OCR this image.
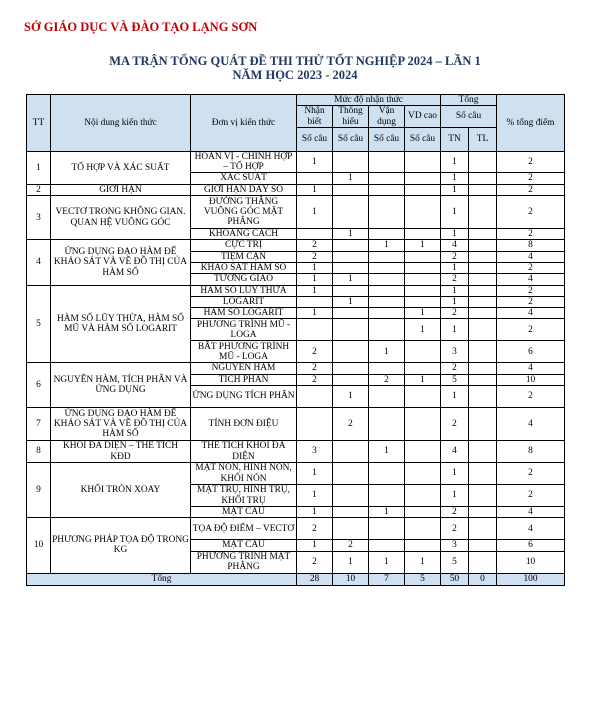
SỞ GIÁO DỤC VÀ ĐÀO TẠO LẠNG SƠN
MA TRẬN TỔNG QUÁT ĐỀ THI THỬ TỐT NGHIỆP 2024 – LẦN 1
NĂM HỌC 2023 - 2024
TT	Nội dung kiến thức	Đơn vị kiến thức	Mức độ nhận thức				Tổng		% tổng điểm
			Nhận biết	Thông hiểu	Vận dụng	VD cao	Số câu		
			Số câu	Số câu	Số câu	Số câu	TN	TL	
1	TỔ HỢP VÀ XÁC SUẤT	HOÁN VỊ - CHỈNH HỢP – TỔ HỢP	1				1		2
		XÁC SUẤT		1			1		2
2	GIỚI HẠN	GIỚI HẠN DÃY SỐ	1				1		2
3	VECTƠ TRONG KHÔNG GIAN. QUAN HỆ VUÔNG GÓC	ĐƯỜNG THẲNG VUÔNG GÓC MẶT PHẲNG	1				1		2
		KHOẢNG CÁCH		1			1		2
4	ỨNG DỤNG ĐẠO HÀM ĐỂ KHẢO SÁT VÀ VẼ ĐỒ THỊ CỦA HÀM SỐ	CỰC TRỊ	2		1	1	4		8
		TIỆM CẬN	2				2		4
		KHẢO SÁT HÀM SỐ	1				1		2
		TƯƠNG GIAO	1	1			2		4
5	HÀM SỐ LŨY THỪA, HÀM SỐ MŨ VÀ HÀM SỐ LOGARIT	HÀM SỐ LŨY THỪA	1				1		2
		LOGARIT		1			1		2
		HÀM SỐ LOGARIT	1			1	2		4
		PHƯƠNG TRÌNH MŨ - LOGA				1	1		2
		BẤT PHƯƠNG TRÌNH MŨ - LOGA	2		1		3		6
6	NGUYÊN HÀM, TÍCH PHÂN VÀ ỨNG DỤNG	NGUYÊN HÀM	2				2		4
		TÍCH PHÂN	2		2	1	5		10
		ỨNG DỤNG TÍCH PHÂN		1			1		2
7	ỨNG DỤNG ĐẠO HÀM ĐỂ KHẢO SÁT VÀ VẼ ĐỒ THỊ CỦA HÀM SỐ	TÍNH ĐƠN ĐIỆU		2			2		4
8	KHỐI ĐA DIỆN – THỂ TÍCH KĐD	THỂ TÍCH KHỐI ĐA DIỆN	3		1		4		8
9	KHỐI TRÒN XOAY	MẶT NÓN, HÌNH NÓN, KHỐI NÓN	1				1		2
		MẶT TRỤ, HÌNH TRỤ, KHỐI TRỤ	1				1		2
		MẶT CẦU	1		1		2		4
10	PHƯƠNG PHÁP TỌA ĐỘ TRONG KG	TỌA ĐỘ ĐIỂM – VECTƠ	2				2		4
		MẶT CẦU	1	2			3		6
		PHƯƠNG TRÌNH MẶT PHẲNG	2	1	1	1	5		10
Tổng			28	10	7	5	50	0	100
